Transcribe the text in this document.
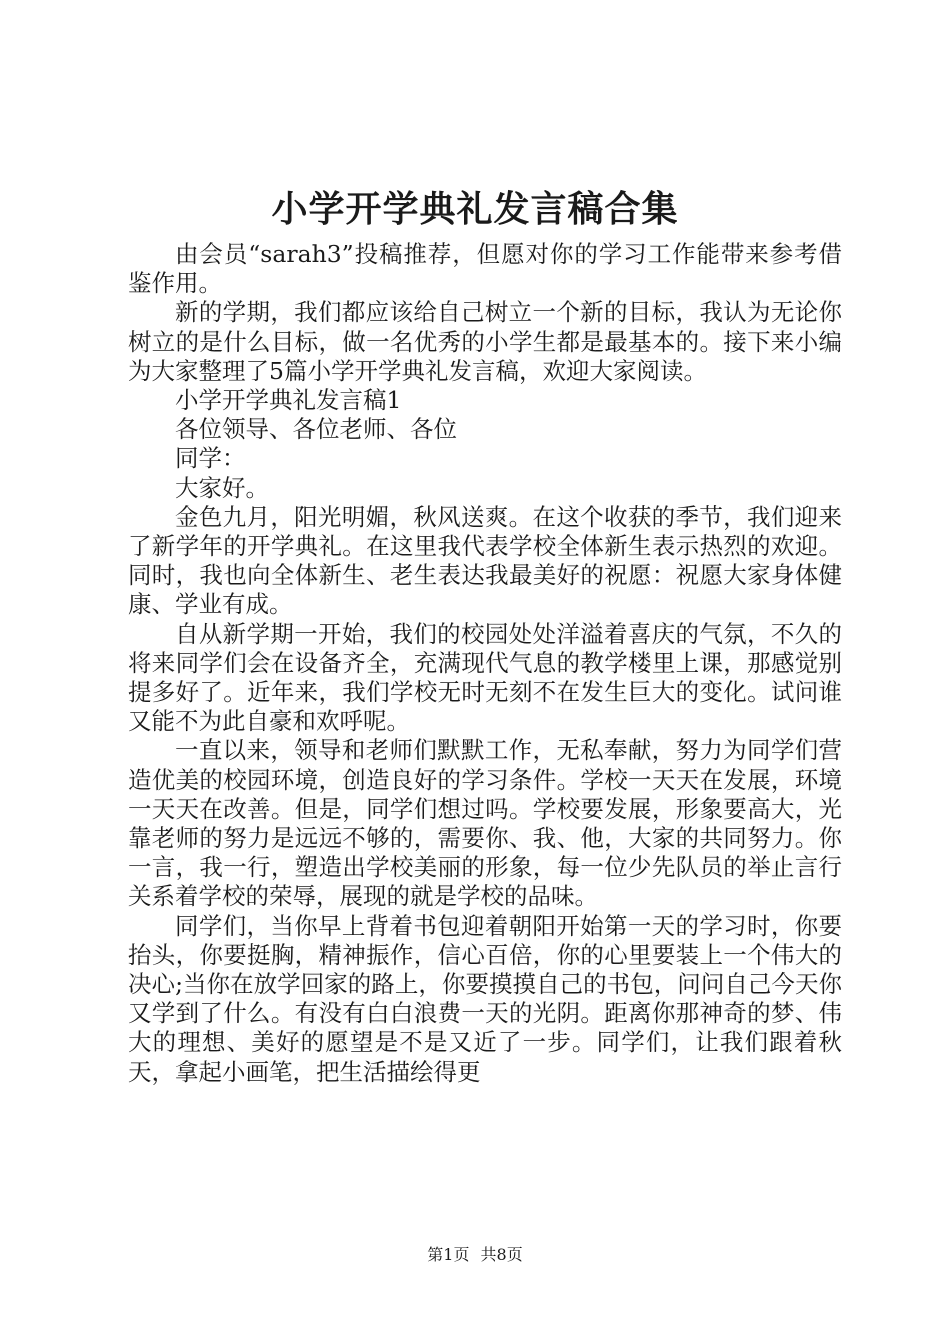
小学开学典礼发言稿合集

由会员“sarah3”投稿推荐，但愿对你的学习工作能带来参考借鉴作用。

新的学期，我们都应该给自己树立一个新的目标，我认为无论你树立的是什么目标，做一名优秀的小学生都是最基本的。接下来小编为大家整理了5篇小学开学典礼发言稿，欢迎大家阅读。

小学开学典礼发言稿1

各位领导、各位老师、各位

同学：

大家好。

金色九月，阳光明媚，秋风送爽。在这个收获的季节，我们迎来了新学年的开学典礼。在这里我代表学校全体新生表示热烈的欢迎。同时，我也向全体新生、老生表达我最美好的祝愿：祝愿大家身体健康、学业有成。

自从新学期一开始，我们的校园处处洋溢着喜庆的气氛，不久的将来同学们会在设备齐全，充满现代气息的教学楼里上课，那感觉别提多好了。近年来，我们学校无时无刻不在发生巨大的变化。试问谁又能不为此自豪和欢呼呢。

一直以来，领导和老师们默默工作，无私奉献，努力为同学们营造优美的校园环境，创造良好的学习条件。学校一天天在发展，环境一天天在改善。但是，同学们想过吗。学校要发展，形象要高大，光靠老师的努力是远远不够的，需要你、我、他，大家的共同努力。你一言，我一行，塑造出学校美丽的形象，每一位少先队员的举止言行关系着学校的荣辱，展现的就是学校的品味。

同学们，当你早上背着书包迎着朝阳开始第一天的学习时，你要抬头，你要挺胸，精神振作，信心百倍，你的心里要装上一个伟大的决心;当你在放学回家的路上，你要摸摸自己的书包，问问自己今天你又学到了什么。有没有白白浪费一天的光阴。距离你那神奇的梦、伟大的理想、美好的愿望是不是又近了一步。同学们，让我们跟着秋天，拿起小画笔，把生活描绘得更

第1页 共8页
